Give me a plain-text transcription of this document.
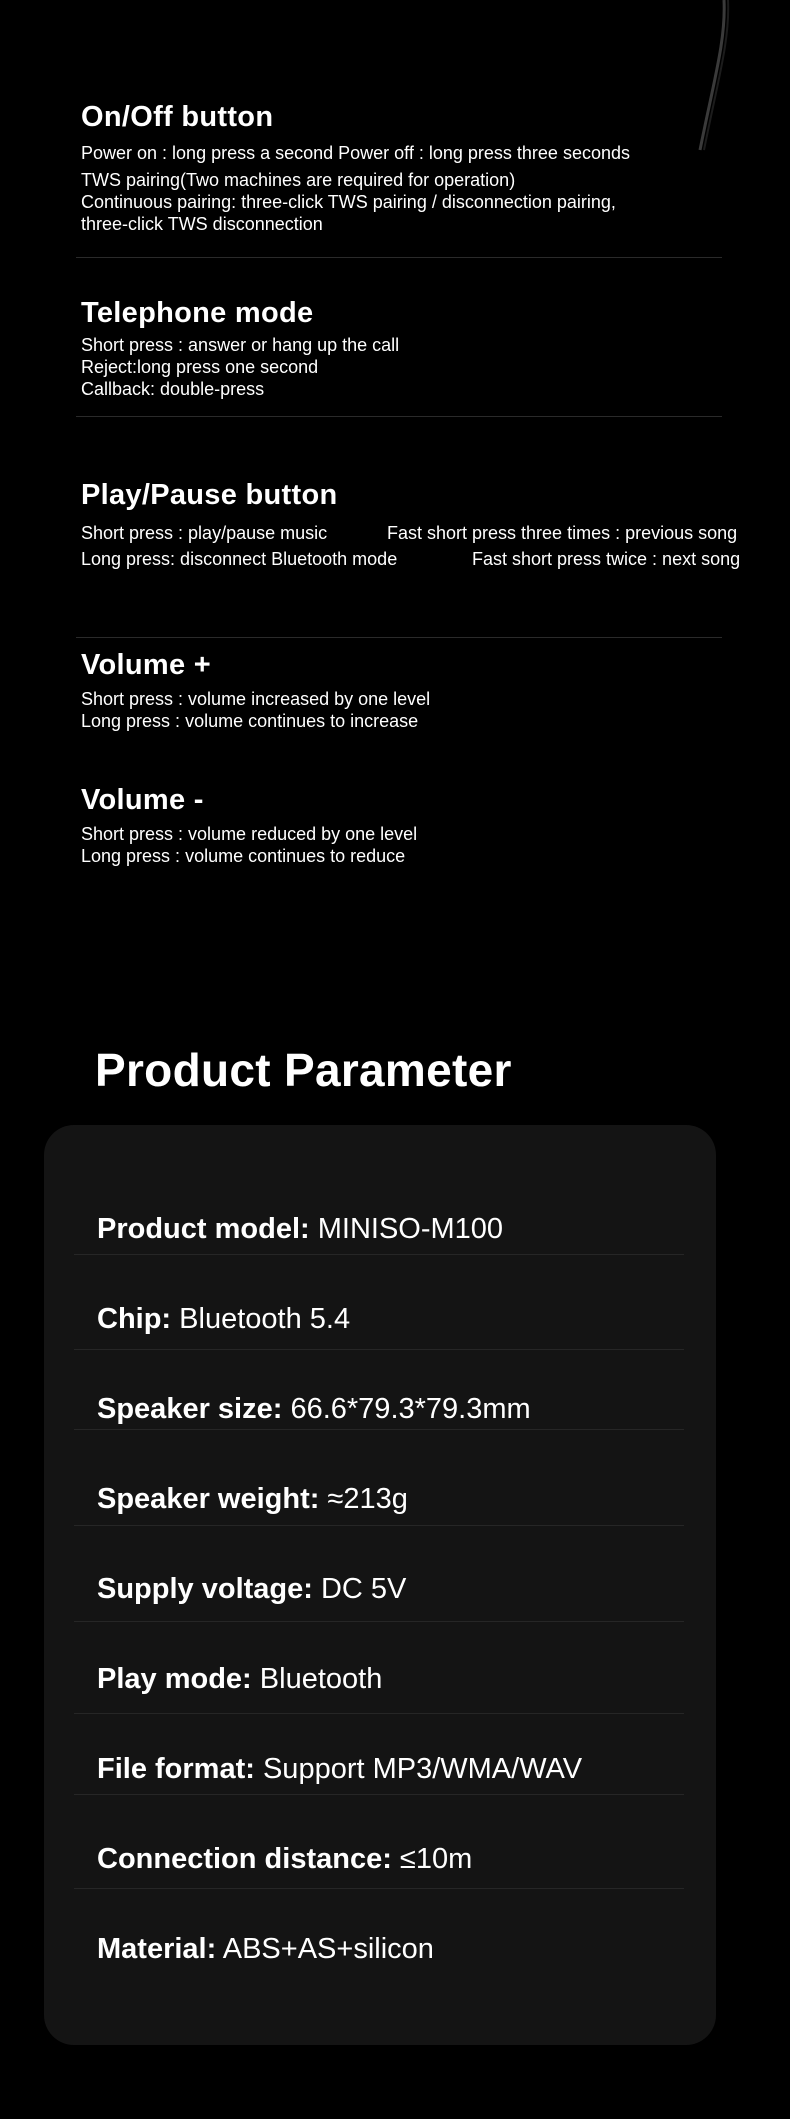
On/Off button
Power on : long press a second Power off : long press three seconds
TWS pairing(Two machines are required for operation)
Continuous pairing: three-click TWS pairing / disconnection pairing,
three-click TWS disconnection
Telephone mode
Short press : answer or hang up the call
Reject:long press one second
Callback: double-press
Play/Pause button
Short press : play/pause music	Fast short press three times : previous song
Long press: disconnect Bluetooth mode	Fast short press twice : next song
Volume +
Short press : volume increased by one level
Long press : volume continues to increase
Volume -
Short press : volume reduced by one level
Long press : volume continues to reduce
Product Parameter
Product model: MINISO-M100
Chip: Bluetooth 5.4
Speaker size: 66.6*79.3*79.3mm
Speaker weight: ≈213g
Supply voltage: DC 5V
Play mode: Bluetooth
File format: Support MP3/WMA/WAV
Connection distance: ≤10m
Material: ABS+AS+silicon
